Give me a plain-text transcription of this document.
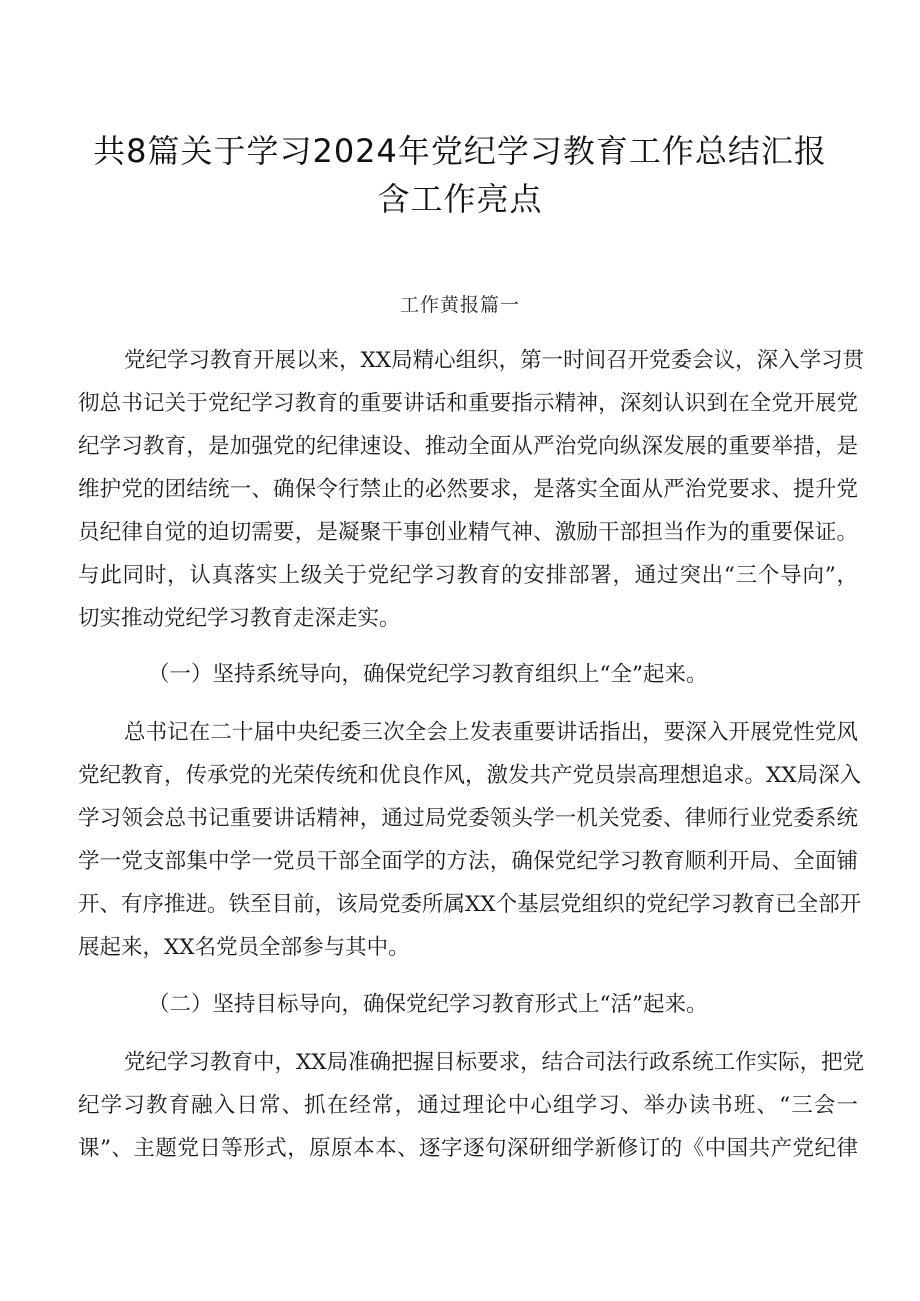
共8篇关于学习2024年党纪学习教育工作总结汇报
含工作亮点
工作黄报篇一
党纪学习教育开展以来，XX局精心组织，第一时间召开党委会议，深入学习贯
彻总书记关于党纪学习教育的重要讲话和重要指示精神，深刻认识到在全党开展党
纪学习教育，是加强党的纪律速设、推动全面从严治党向纵深发展的重要举措，是
维护党的团结统一、确保令行禁止的必然要求，是落实全面从严治党要求、提升党
员纪律自觉的迫切需要，是凝聚干事创业精气神、激励干部担当作为的重要保证。
与此同时，认真落实上级关于党纪学习教育的安排部署，通过突出“三个导向”，
切实推动党纪学习教育走深走实。
（一）坚持系统导向，确保党纪学习教育组织上“全”起来。
总书记在二十届中央纪委三次全会上发表重要讲话指出，要深入开展党性党风
党纪教育，传承党的光荣传统和优良作风，激发共产党员崇高理想追求。XX局深入
学习领会总书记重要讲话精神，通过局党委领头学一机关党委、律师行业党委系统
学一党支部集中学一党员干部全面学的方法，确保党纪学习教育顺利开局、全面铺
开、有序推进。铁至目前，该局党委所属XX个基层党组织的党纪学习教育已全部开
展起来，XX名党员全部参与其中。
（二）坚持目标导向，确保党纪学习教育形式上“活”起来。
党纪学习教育中，XX局准确把握目标要求，结合司法行政系统工作实际，把党
纪学习教育融入日常、抓在经常，通过理论中心组学习、举办读书班、“三会一
课”、主题党日等形式，原原本本、逐字逐句深研细学新修订的《中国共产党纪律
